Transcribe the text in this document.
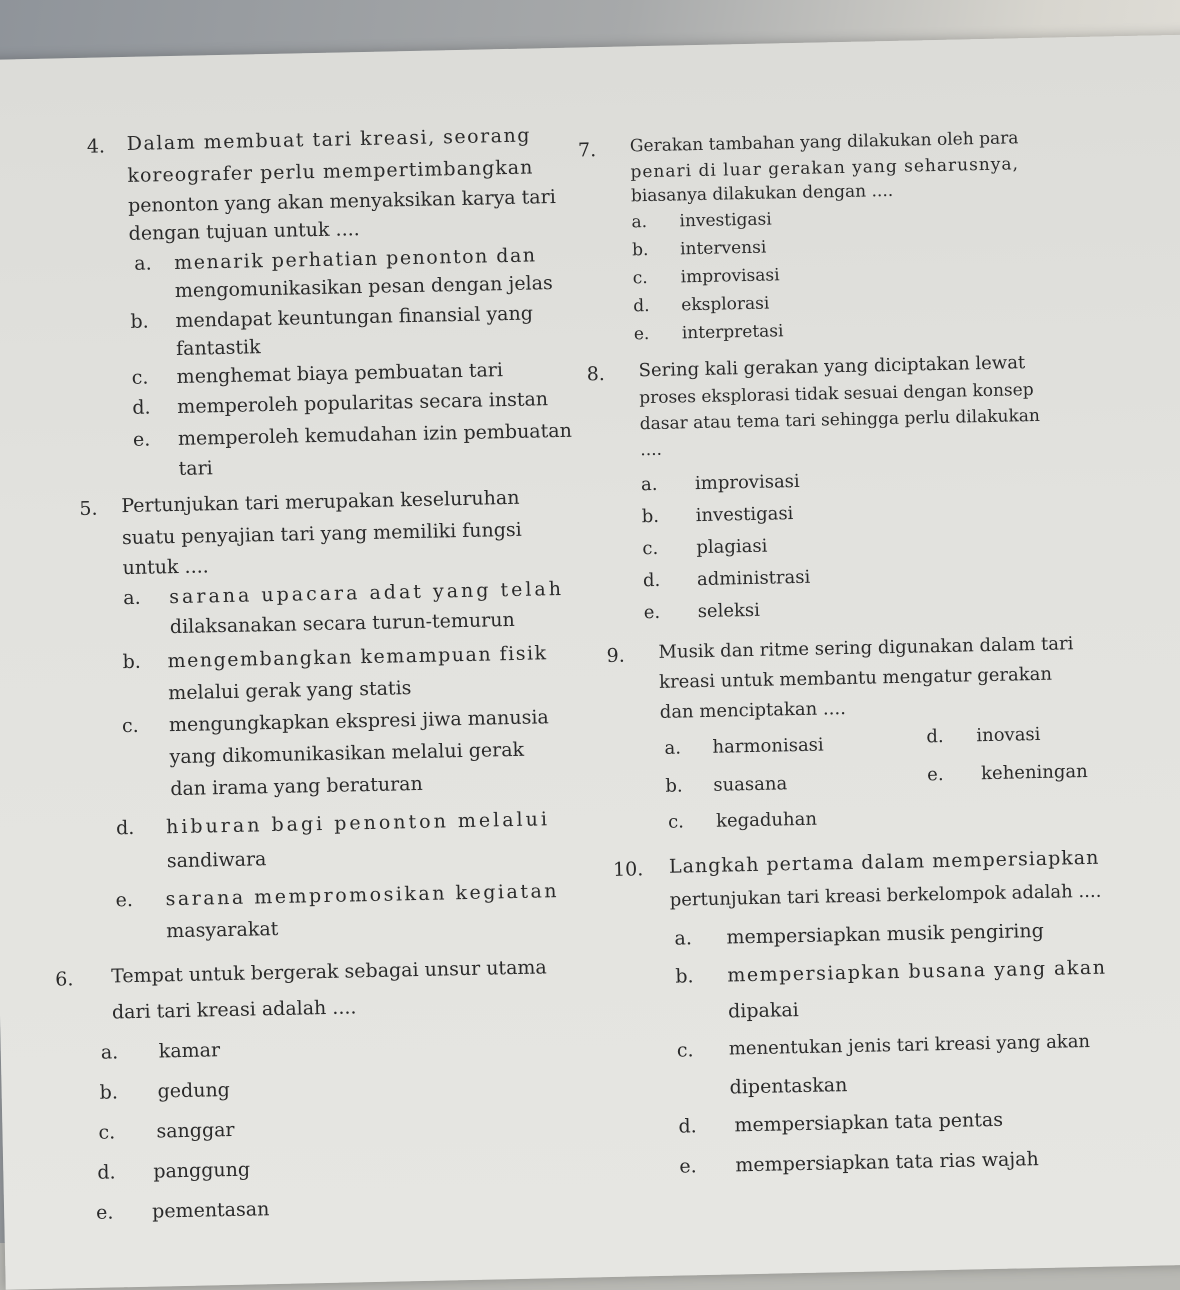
4. Dalam membuat tari kreasi, seorang
koreografer perlu mempertimbangkan
penonton yang akan menyaksikan karya tari
dengan tujuan untuk ....
a. menarik perhatian penonton dan
mengomunikasikan pesan dengan jelas
b. mendapat keuntungan finansial yang
fantastik
c. menghemat biaya pembuatan tari
d. memperoleh popularitas secara instan
e. memperoleh kemudahan izin pembuatan
tari
5. Pertunjukan tari merupakan keseluruhan
suatu penyajian tari yang memiliki fungsi
untuk ....
a. sarana upacara adat yang telah
dilaksanakan secara turun-temurun
b. mengembangkan kemampuan fisik
melalui gerak yang statis
c. mengungkapkan ekspresi jiwa manusia
yang dikomunikasikan melalui gerak
dan irama yang beraturan
d. hiburan bagi penonton melalui
sandiwara
e. sarana mempromosikan kegiatan
masyarakat
6. Tempat untuk bergerak sebagai unsur utama
dari tari kreasi adalah ....
a. kamar
b. gedung
c. sanggar
d. panggung
e. pementasan
7. Gerakan tambahan yang dilakukan oleh para
penari di luar gerakan yang seharusnya,
biasanya dilakukan dengan ....
a. investigasi
b. intervensi
c. improvisasi
d. eksplorasi
e. interpretasi
8. Sering kali gerakan yang diciptakan lewat
proses eksplorasi tidak sesuai dengan konsep
dasar atau tema tari sehingga perlu dilakukan
....
a. improvisasi
b. investigasi
c. plagiasi
d. administrasi
e. seleksi
9. Musik dan ritme sering digunakan dalam tari
kreasi untuk membantu mengatur gerakan
dan menciptakan ....
a. harmonisasi
b. suasana
c. kegaduhan
d. inovasi
e. keheningan
10. Langkah pertama dalam mempersiapkan
pertunjukan tari kreasi berkelompok adalah ....
a. mempersiapkan musik pengiring
b. mempersiapkan busana yang akan
dipakai
c. menentukan jenis tari kreasi yang akan
dipentaskan
d. mempersiapkan tata pentas
e. mempersiapkan tata rias wajah
